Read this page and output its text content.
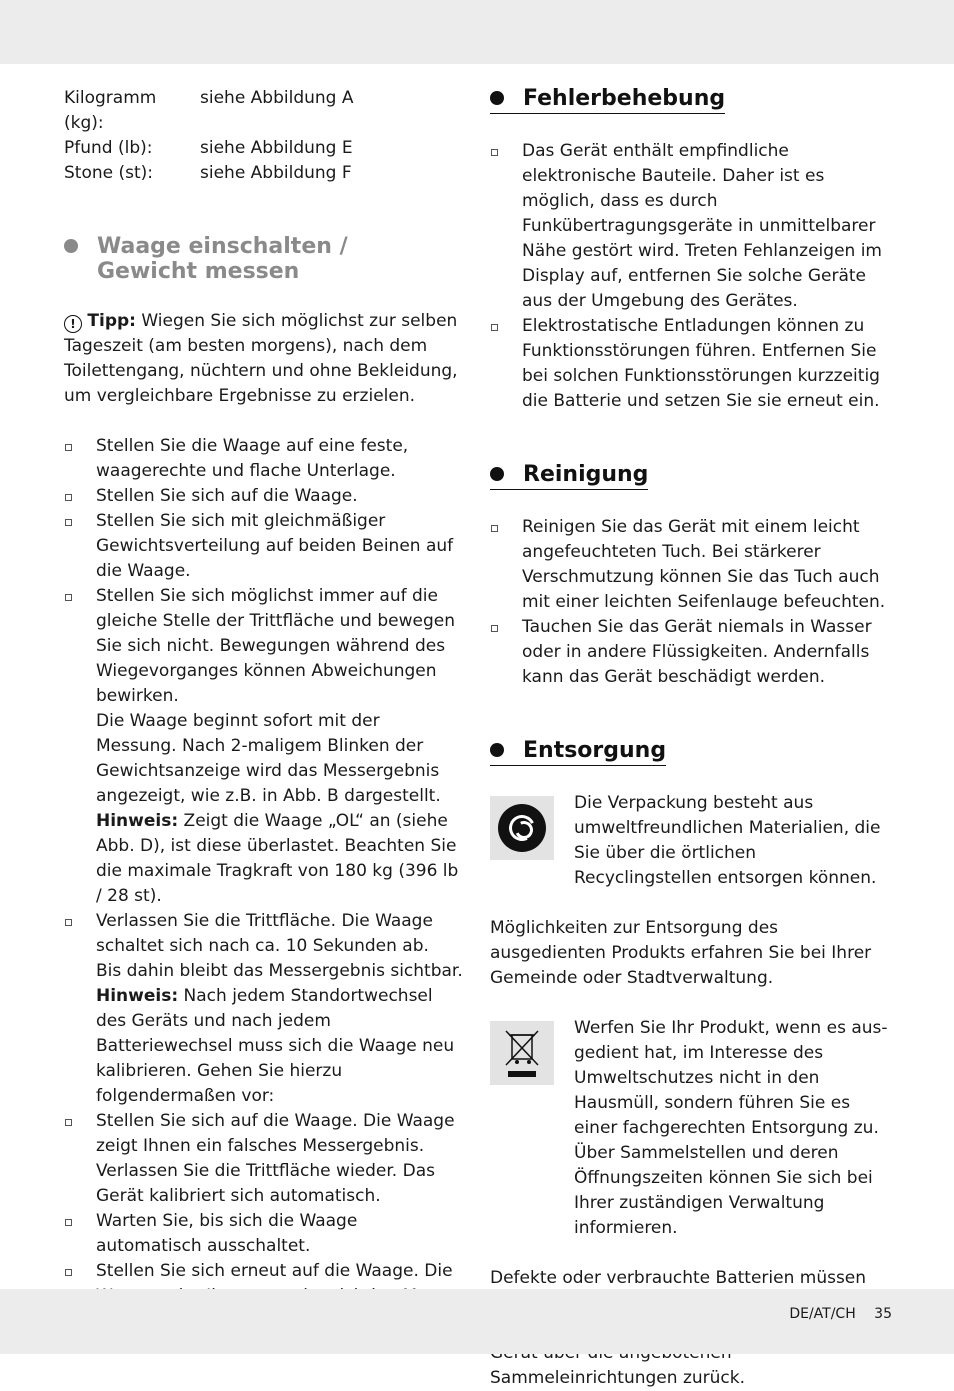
Kilogramm (kg):
siehe Abbildung A
Pfund (lb):	siehe Abbildung E
Stone (st):	siehe Abbildung F
Waage einschalten /
Gewicht messen

! Tipp: Wiegen Sie sich möglichst zur selben Tageszeit (am besten morgens), nach dem Toilettengang, nüchtern und ohne Bekleidung, um vergleichbare Ergebnisse zu erzielen.

Stellen Sie die Waage auf eine feste, waagerechte und flache Unterlage.
Stellen Sie sich auf die Waage.
Stellen Sie sich mit gleichmäßiger Gewichtsverteilung auf beiden Beinen auf die Waage.
Stellen Sie sich möglichst immer auf die gleiche Stelle der Trittfläche und bewegen Sie sich nicht. Bewegungen während des Wiegevorganges können Abweichungen bewirken.
Die Waage beginnt sofort mit der Messung. Nach 2-maligem Blinken der Gewichtsanzeige wird das Messergebnis angezeigt, wie z.B. in Abb. B dargestellt.
Hinweis: Zeigt die Waage „OL“ an (siehe Abb. D), ist diese überlastet. Beachten Sie die maximale Tragkraft von 180 kg (396 lb / 28 st).
Verlassen Sie die Trittfläche. Die Waage schaltet sich nach ca. 10 Sekunden ab.
Bis dahin bleibt das Messergebnis sichtbar.
Hinweis: Nach jedem Standortwechsel des Geräts und nach jedem Batteriewechsel muss sich die Waage neu kalibrieren. Gehen Sie hierzu folgendermaßen vor:
Stellen Sie sich auf die Waage. Die Waage zeigt Ihnen ein falsches Messergebnis. Verlassen Sie die Trittfläche wieder. Das Gerät kalibriert sich automatisch.
Warten Sie, bis sich die Waage automatisch ausschaltet.
Stellen Sie sich erneut auf die Waage. Die
Fehlerbehebung
Das Gerät enthält empfindliche elektronische Bauteile. Daher ist es möglich, dass es durch Funkübertragungsgeräte in unmittelbarer Nähe gestört wird. Treten Fehlanzeigen im Display auf, entfernen Sie solche Geräte aus der Umgebung des Gerätes.
Elektrostatische Entladungen können zu Funktionsstörungen führen. Entfernen Sie bei solchen Funktionsstörungen kurzzeitig die Batterie und setzen Sie sie erneut ein.
Reinigung
Reinigen Sie das Gerät mit einem leicht angefeuchteten Tuch. Bei stärkerer Verschmutzung können Sie das Tuch auch mit einer leichten Seifenlauge befeuchten.
Tauchen Sie das Gerät niemals in Wasser oder in andere Flüssigkeiten. Andernfalls kann das Gerät beschädigt werden.
Entsorgung

Die Verpackung besteht aus umweltfreundlichen Materialien, die Sie über die örtlichen Recyclingstellen entsorgen können.

Möglichkeiten zur Entsorgung des ausgedienten Produkts erfahren Sie bei Ihrer Gemeinde oder Stadtverwaltung.

Werfen Sie Ihr Produkt, wenn es ausgedient hat, im Interesse des Umweltschutzes nicht in den Hausmüll, sondern führen Sie es einer fachgerechten Entsorgung zu. Über Sammelstellen und deren Öffnungszeiten können Sie sich bei Ihrer zuständigen Verwaltung informieren.

Defekte oder verbrauchte Batterien müssen Sammeleinrichtungen zurück.

DE/AT/CH 35
